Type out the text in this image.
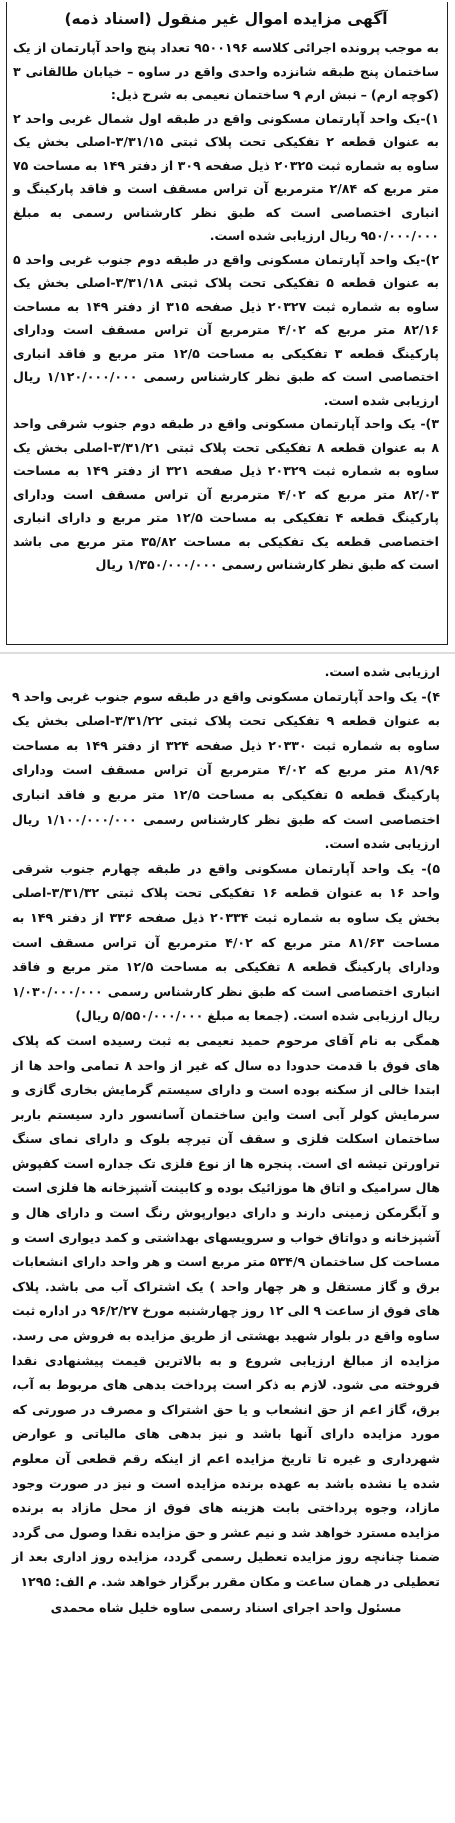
آگهی مزایده اموال غیر منقول (اسناد ذمه)

به موجب پرونده اجرائی کلاسه ۹۵۰۰۱۹۶ تعداد پنج واحد آپارتمان از یک ساختمان پنج طبقه شانزده واحدی واقع در ساوه – خیابان طالقانی ۳ (کوچه ارم) – نبش ارم ۹ ساختمان نعیمی به شرح ذیل:

۱)-یک واحد آپارتمان مسکونی واقع در طبقه اول شمال غربی واحد ۲ به عنوان قطعه ۲ تفکیکی تحت پلاک ثبتی ۳/۳۱/۱۵-اصلی بخش یک ساوه به شماره ثبت ۲۰۳۲۵ ذیل صفحه ۳۰۹ از دفتر ۱۴۹ به مساحت ۷۵ متر مربع که ۲/۸۴ مترمربع آن تراس مسقف است و فاقد پارکینگ و انباری اختصاصی است که طبق نظر کارشناس رسمی به مبلغ ۹۵۰/۰۰۰/۰۰۰ ریال ارزیابی شده است.

۲)-یک واحد آپارتمان مسکونی واقع در طبقه دوم جنوب غربی واحد ۵ به عنوان قطعه ۵ تفکیکی تحت پلاک ثبتی ۳/۳۱/۱۸-اصلی بخش یک ساوه به شماره ثبت ۲۰۳۲۷ ذیل صفحه ۳۱۵ از دفتر ۱۴۹ به مساحت ۸۲/۱۶ متر مربع که ۴/۰۲ مترمربع آن تراس مسقف است ودارای پارکینگ قطعه ۳ تفکیکی به مساحت ۱۲/۵ متر مربع و فاقد انباری اختصاصی است که طبق نظر کارشناس رسمی ۱/۱۲۰/۰۰۰/۰۰۰ ریال ارزیابی شده است.

۳)- یک واحد آپارتمان مسکونی واقع در طبقه دوم جنوب شرقی واحد ۸ به عنوان قطعه ۸ تفکیکی تحت پلاک ثبتی ۳/۳۱/۲۱-اصلی بخش یک ساوه به شماره ثبت ۲۰۳۲۹ ذیل صفحه ۳۲۱ از دفتر ۱۴۹ به مساحت ۸۲/۰۳ متر مربع که ۴/۰۲ مترمربع آن تراس مسقف است ودارای پارکینگ قطعه ۴ تفکیکی به مساحت ۱۲/۵ متر مربع و دارای انباری اختصاصی قطعه یک تفکیکی به مساحت ۳۵/۸۲ متر مربع می باشد است که طبق نظر کارشناس رسمی ۱/۳۵۰/۰۰۰/۰۰۰ ریال

ارزیابی شده است.

۴)- یک واحد آپارتمان مسکونی واقع در طبقه سوم جنوب غربی واحد ۹ به عنوان قطعه ۹ تفکیکی تحت پلاک ثبتی ۳/۳۱/۲۲-اصلی بخش یک ساوه به شماره ثبت ۲۰۳۳۰ ذیل صفحه ۳۲۴ از دفتر ۱۴۹ به مساحت ۸۱/۹۶ متر مربع که ۴/۰۲ مترمربع آن تراس مسقف است ودارای پارکینگ قطعه ۵ تفکیکی به مساحت ۱۲/۵ متر مربع و فاقد انباری اختصاصی است که طبق نظر کارشناس رسمی ۱/۱۰۰/۰۰۰/۰۰۰ ریال ارزیابی شده است.

۵)- یک واحد آپارتمان مسکونی واقع در طبقه چهارم جنوب شرقی واحد ۱۶ به عنوان قطعه ۱۶ تفکیکی تحت پلاک ثبتی ۳/۳۱/۳۲-اصلی بخش یک ساوه به شماره ثبت ۲۰۳۳۴ ذیل صفحه ۳۳۶ از دفتر ۱۴۹ به مساحت ۸۱/۶۳ متر مربع که ۴/۰۲ مترمربع آن تراس مسقف است ودارای پارکینگ قطعه ۸ تفکیکی به مساحت ۱۲/۵ متر مربع و فاقد انباری اختصاصی است که طبق نظر کارشناس رسمی ۱/۰۳۰/۰۰۰/۰۰۰ ریال ارزیابی شده است. (جمعا به مبلغ ۵/۵۵۰/۰۰۰/۰۰۰ ریال)

همگی به نام آقای مرحوم حمید نعیمی به ثبت رسیده است که پلاک های فوق با قدمت حدودا ده سال که غیر از واحد ۸ تمامی واحد ها از ابتدا خالی از سکنه بوده است و دارای سیستم گرمایش بخاری گازی و سرمایش کولر آبی است واین ساختمان آسانسور دارد سیستم باربر ساختمان اسکلت فلزی و سقف آن تیرچه بلوک و دارای نمای سنگ تراورتن تیشه ای است. پنجره ها از نوع فلزی تک جداره است کفپوش هال سرامیک و اتاق ها موزائیک بوده و کابینت آشپزخانه ها فلزی است و آبگرمکن زمینی دارند و دارای دیوارپوش رنگ است و دارای هال و آشپزخانه و دواتاق خواب و سرویسهای بهداشتی و کمد دیواری است و مساحت کل ساختمان ۵۳۴/۹ متر مربع است و هر واحد دارای انشعابات برق و گاز مستقل و هر چهار واحد ) یک اشتراک آب می باشد. پلاک های فوق از ساعت ۹ الی ۱۲ روز چهارشنبه مورخ ۹۶/۲/۲۷ در اداره ثبت ساوه واقع در بلوار شهید بهشتی از طریق مزایده به فروش می رسد. مزایده از مبالغ ارزیابی شروع و به بالاترین قیمت پیشنهادی نقدا فروخته می شود. لازم به ذکر است پرداخت بدهی های مربوط به آب، برق، گاز اعم از حق انشعاب و یا حق اشتراک و مصرف در صورتی که مورد مزایده دارای آنها باشد و نیز بدهی های مالیاتی و عوارض شهرداری و غیره تا تاریخ مزایده اعم از اینکه رقم قطعی آن معلوم شده یا نشده باشد به عهده برنده مزایده است و نیز در صورت وجود مازاد، وجوه پرداختی بابت هزینه های فوق از محل مازاد به برنده مزایده مسترد خواهد شد و نیم عشر و حق مزایده نقدا وصول می گردد ضمنا چنانچه روز مزایده تعطیل رسمی گردد، مزایده روز اداری بعد از تعطیلی در همان ساعت و مکان مقرر برگزار خواهد شد. م الف: ۱۲۹۵

مسئول واحد اجرای اسناد رسمی ساوه خلیل شاه محمدی
